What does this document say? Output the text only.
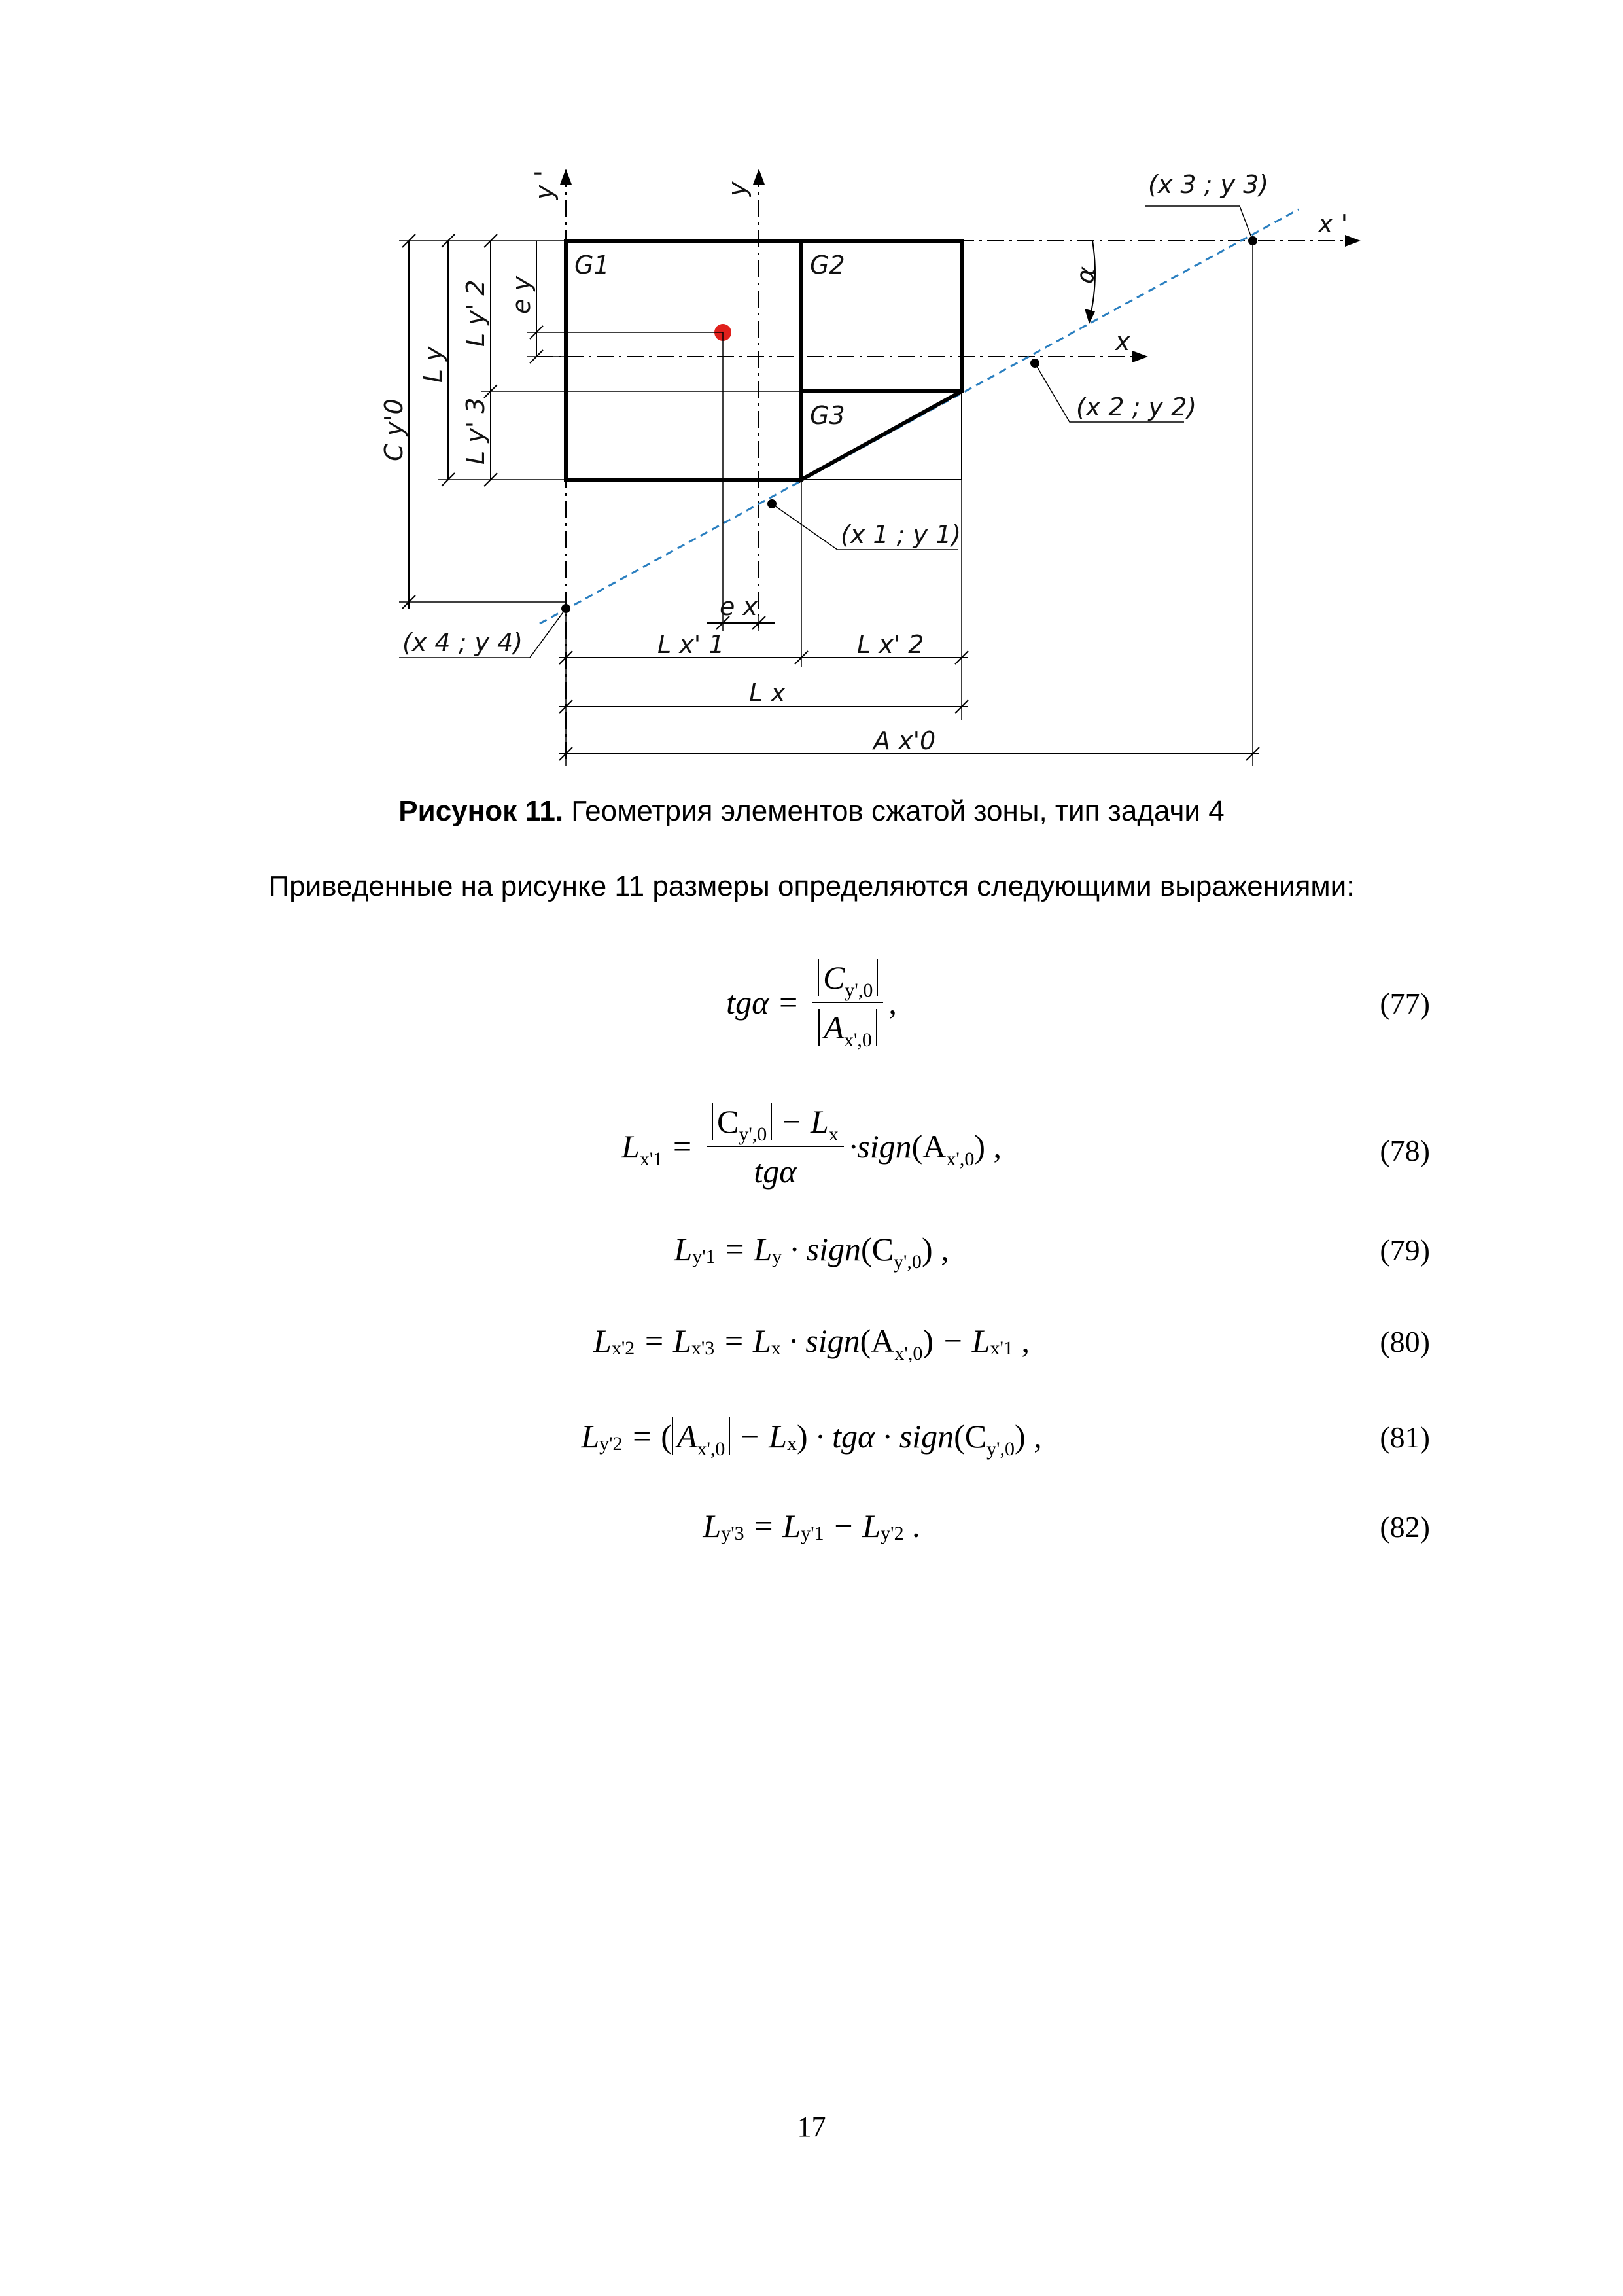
G1	G2
G3
y '	y
x
x '
α
(x 3 ; y 3)
(x 2 ; y 2)
(x 1 ; y 1)
(x 4 ; y 4)
e y
L y' 2
L y
L y' 3
C y'0
e x
L x' 1	L x' 2
L x
A x'0
Рисунок 11. Геометрия элементов сжатой зоны, тип задачи 4
Приведенные на рисунке 11 размеры определяются следующими выражениями:
$tg\alpha = \frac{C_{y',0}}{A_{x',0}}$ ,	(77)
$L_{x'1} = \frac{C_{y',0} - L_x}{\text{tgα}}$ · sign $(A_{x',0})$ ,	(78)
L y'1 = L y · sign $(C_{y',0})$ ,	(79)
L x'2 = L x'3 = L x · sign $(A_{x',0}) - L$ x'1 ,	(80)
L y'2 = ( $A_{x',0} - L$ x ) · tgα · sign $(C_{y',0})$ ,	(81)
L y'3 = L y'1 − L y'2 .	(82)
17
